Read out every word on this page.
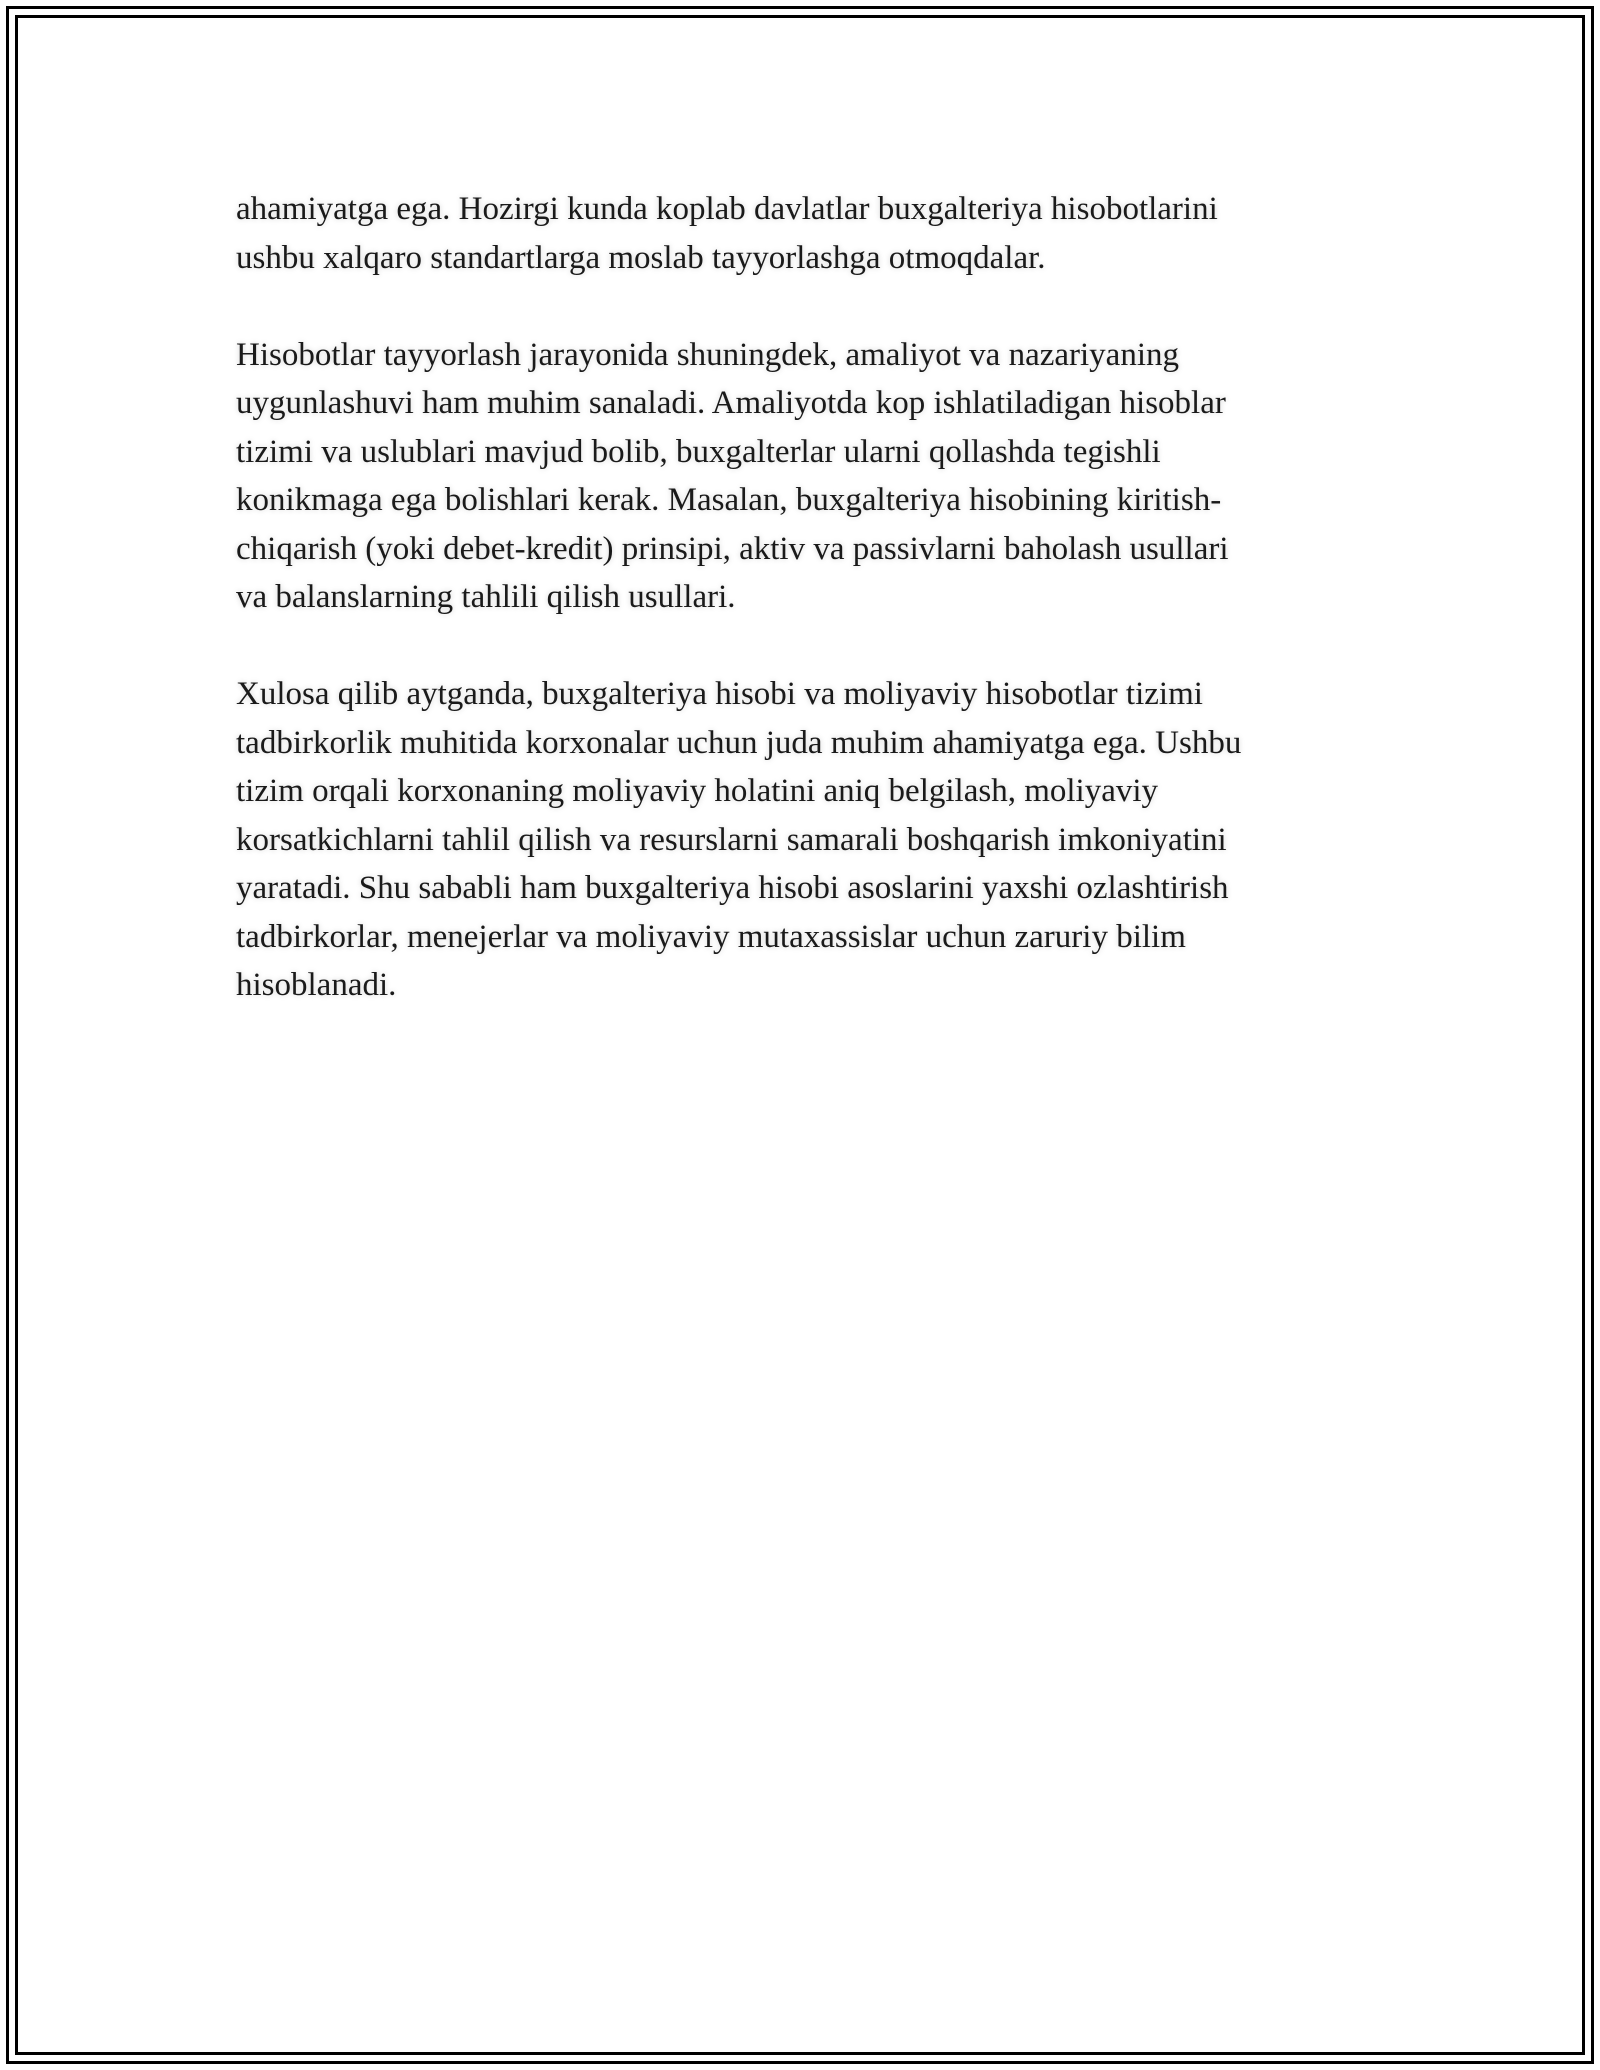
ahamiyatga ega. Hozirgi kunda koplab davlatlar buxgalteriya hisobotlarini
ushbu xalqaro standartlarga moslab tayyorlashga otmoqdalar.

Hisobotlar tayyorlash jarayonida shuningdek, amaliyot va nazariyaning
uygunlashuvi ham muhim sanaladi. Amaliyotda kop ishlatiladigan hisoblar
tizimi va uslublari mavjud bolib, buxgalterlar ularni qollashda tegishli
konikmaga ega bolishlari kerak. Masalan, buxgalteriya hisobining kiritish-
chiqarish (yoki debet-kredit) prinsipi, aktiv va passivlarni baholash usullari
va balanslarning tahlili qilish usullari.

Xulosa qilib aytganda, buxgalteriya hisobi va moliyaviy hisobotlar tizimi
tadbirkorlik muhitida korxonalar uchun juda muhim ahamiyatga ega. Ushbu
tizim orqali korxonaning moliyaviy holatini aniq belgilash, moliyaviy
korsatkichlarni tahlil qilish va resurslarni samarali boshqarish imkoniyatini
yaratadi. Shu sababli ham buxgalteriya hisobi asoslarini yaxshi ozlashtirish
tadbirkorlar, menejerlar va moliyaviy mutaxassislar uchun zaruriy bilim
hisoblanadi.
